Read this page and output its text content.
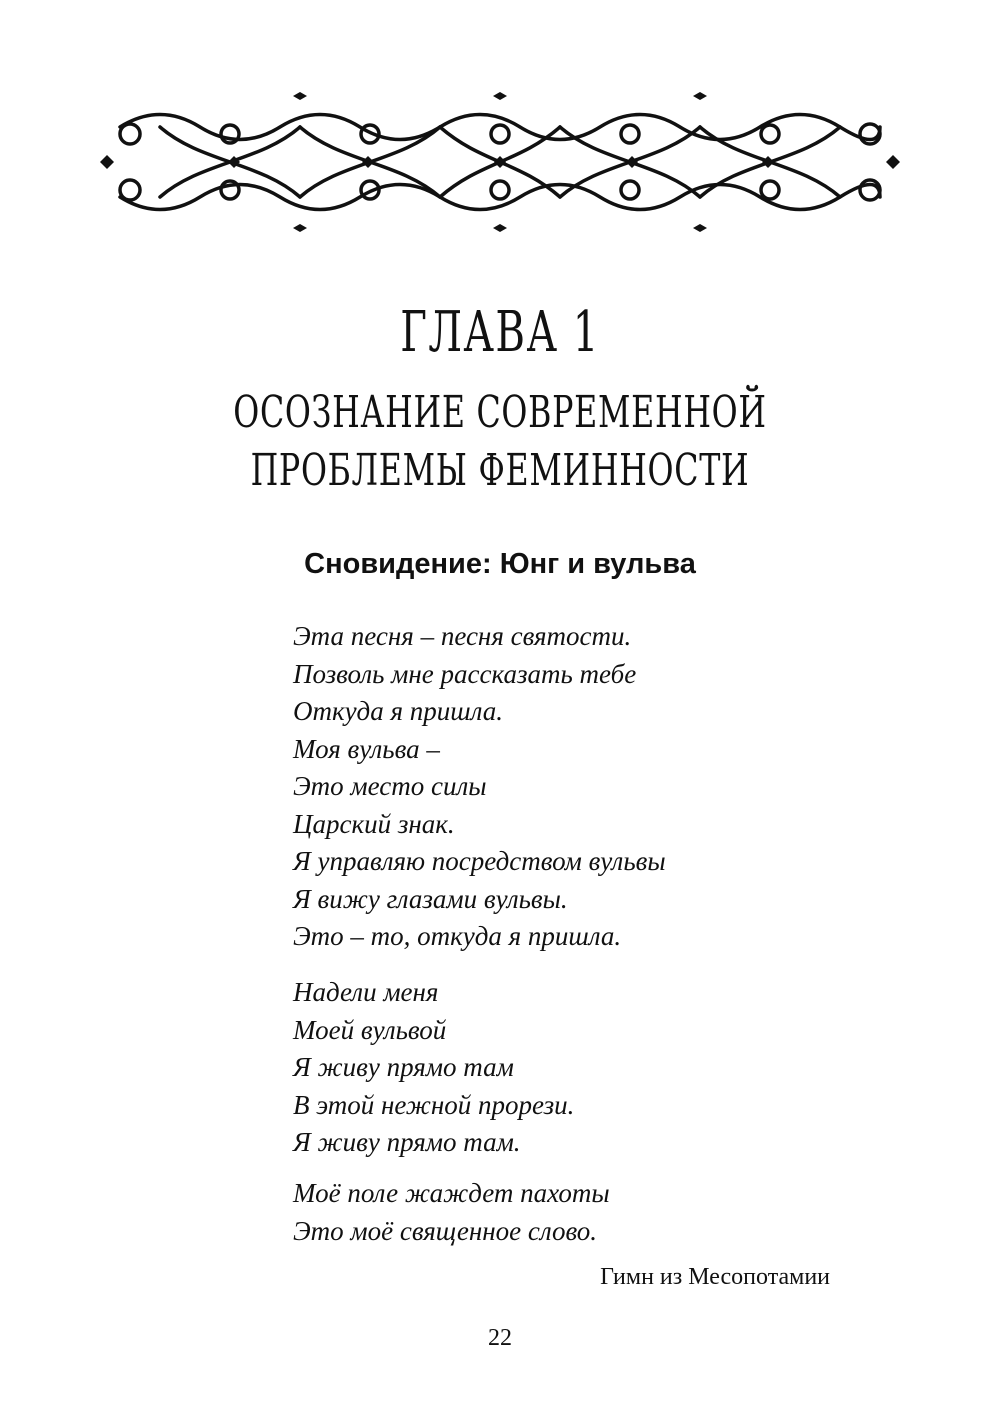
ГЛАВА 1
ОСОЗНАНИЕ СОВРЕМЕННОЙ
ПРОБЛЕМЫ ФЕМИННОСТИ
Сновидение: Юнг и вульва
Эта песня – песня святости.
Позволь мне рассказать тебе
Откуда я пришла.
Моя вульва –
Это место силы
Царский знак.
Я управляю посредством вульвы
Я вижу глазами вульвы.
Это – то, откуда я пришла.
Надели меня
Моей вульвой
Я живу прямо там
В этой нежной прорези.
Я живу прямо там.
Моё поле жаждет пахоты
Это моё священное слово.
Гимн из Месопотамии
22
